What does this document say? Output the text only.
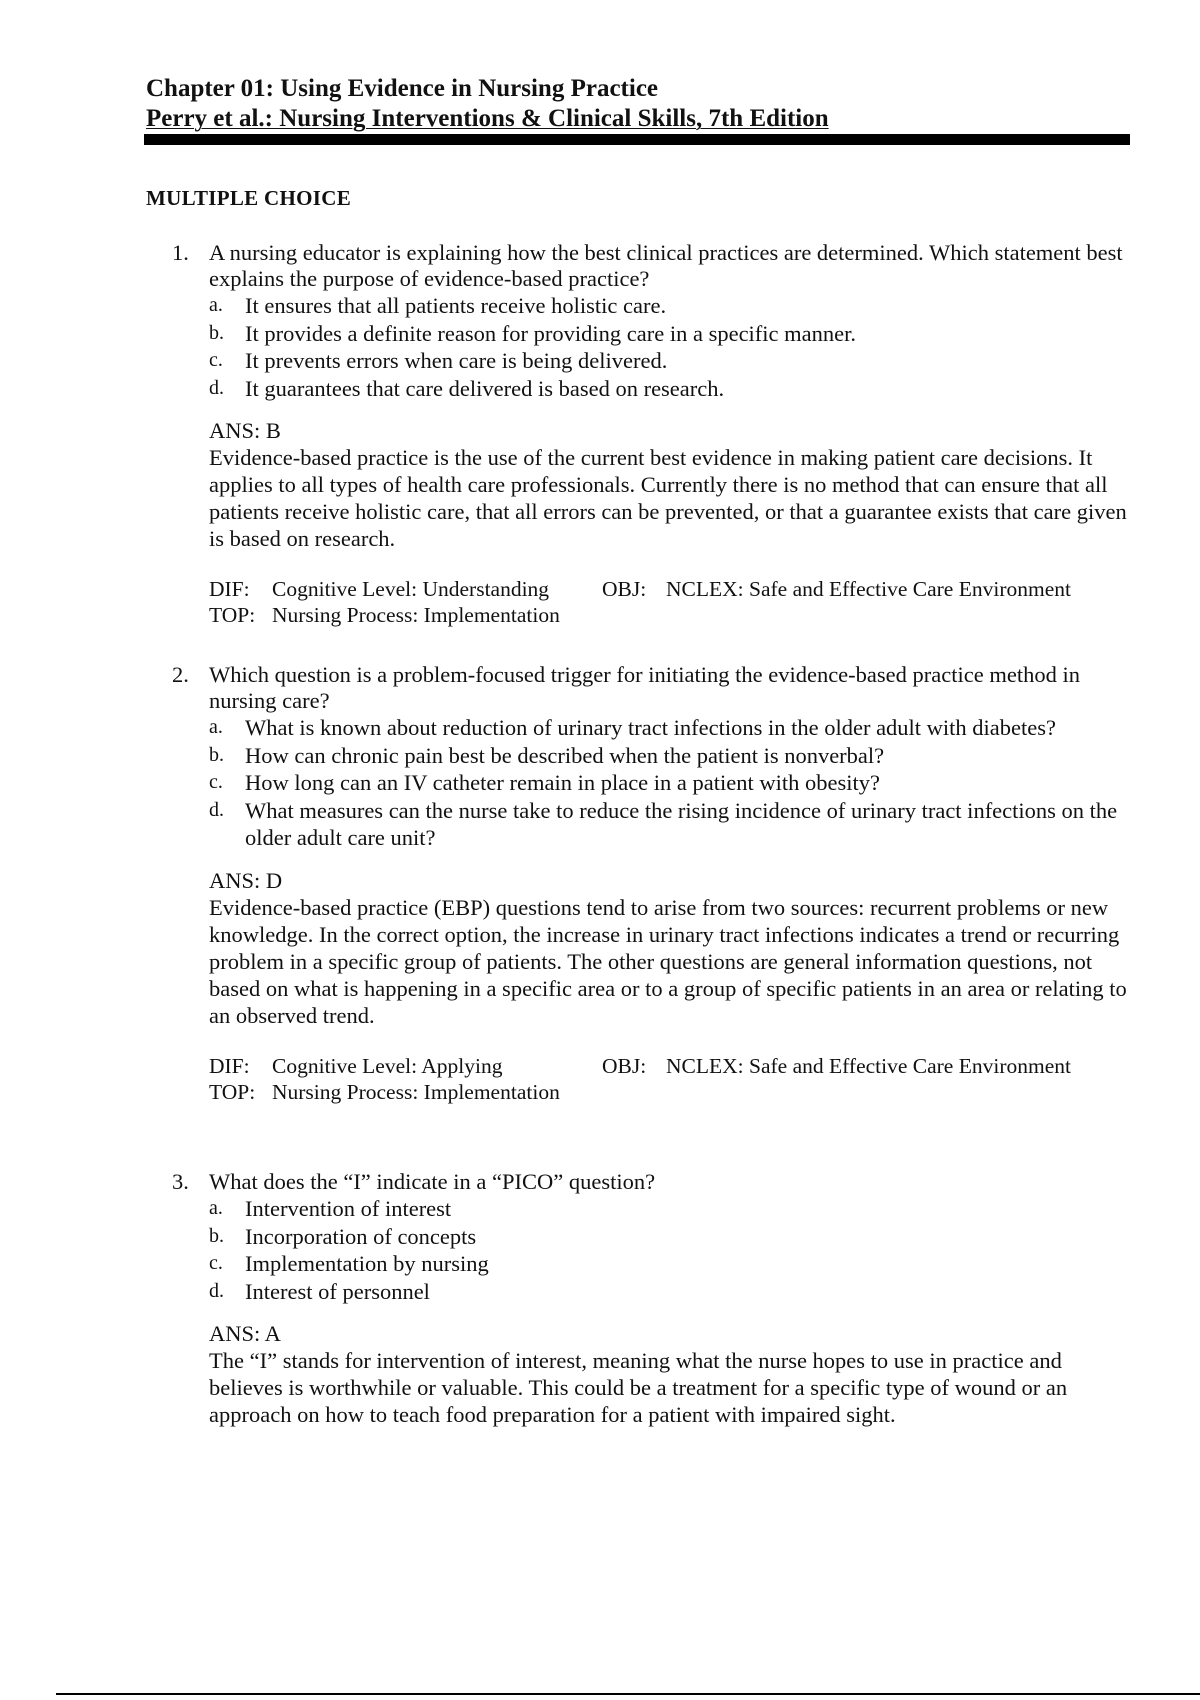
Chapter 01: Using Evidence in Nursing Practice
Perry et al.: Nursing Interventions & Clinical Skills, 7th Edition
MULTIPLE CHOICE
1. A nursing educator is explaining how the best clinical practices are determined. Which statement best explains the purpose of evidence-based practice?
a. It ensures that all patients receive holistic care.
b. It provides a definite reason for providing care in a specific manner.
c. It prevents errors when care is being delivered.
d. It guarantees that care delivered is based on research.
ANS: B
Evidence-based practice is the use of the current best evidence in making patient care decisions. It applies to all types of health care professionals. Currently there is no method that can ensure that all patients receive holistic care, that all errors can be prevented, or that a guarantee exists that care given is based on research.
DIF:	Cognitive Level: Understanding	OBJ: NCLEX: Safe and Effective Care Environment
TOP: Nursing Process: Implementation
2. Which question is a problem-focused trigger for initiating the evidence-based practice method in nursing care?
a. What is known about reduction of urinary tract infections in the older adult with diabetes?
b. How can chronic pain best be described when the patient is nonverbal?
c. How long can an IV catheter remain in place in a patient with obesity?
d. What measures can the nurse take to reduce the rising incidence of urinary tract infections on the older adult care unit?
ANS: D
Evidence-based practice (EBP) questions tend to arise from two sources: recurrent problems or new knowledge. In the correct option, the increase in urinary tract infections indicates a trend or recurring problem in a specific group of patients. The other questions are general information questions, not based on what is happening in a specific area or to a group of specific patients in an area or relating to an observed trend.
DIF:	Cognitive Level: Applying	OBJ: NCLEX: Safe and Effective Care Environment
TOP: Nursing Process: Implementation
3. What does the “I” indicate in a “PICO” question?
a. Intervention of interest
b. Incorporation of concepts
c. Implementation by nursing
d. Interest of personnel
ANS: A
The “I” stands for intervention of interest, meaning what the nurse hopes to use in practice and believes is worthwhile or valuable. This could be a treatment for a specific type of wound or an approach on how to teach food preparation for a patient with impaired sight.
